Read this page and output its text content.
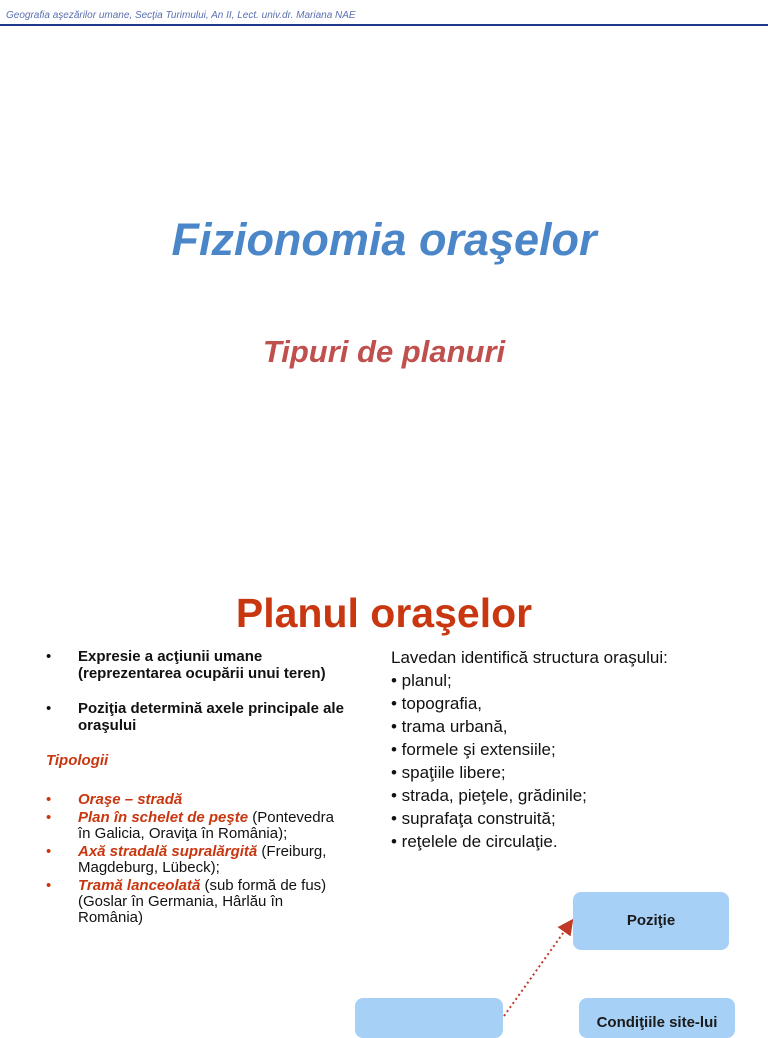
Geografia aşezărilor umane, Secţia Turimului, An II, Lect. univ.dr. Mariana NAE
Fizionomia oraşelor
Tipuri de planuri
Planul oraşelor
• Expresie a acţiunii umane (reprezentarea ocupării unui teren)
• Poziţia determină axele principale ale oraşului
Tipologii
• Oraşe – stradă
• Plan în schelet de peşte (Pontevedra în Galicia, Oraviţa în România);
• Axă stradală supralărgită (Freiburg, Magdeburg, Lübeck);
• Tramă lanceolată (sub formă de fus) (Goslar în Germania, Hârlău în România)
Lavedan identifică structura oraşului:
• planul;
• topografia,
• trama urbană,
• formele şi extensiile;
• spaţiile libere;
• strada, pieţele, grădinile;
• suprafaţa construită;
• reţelele de circulaţie.
Poziţie
Condiţiile site-lui
